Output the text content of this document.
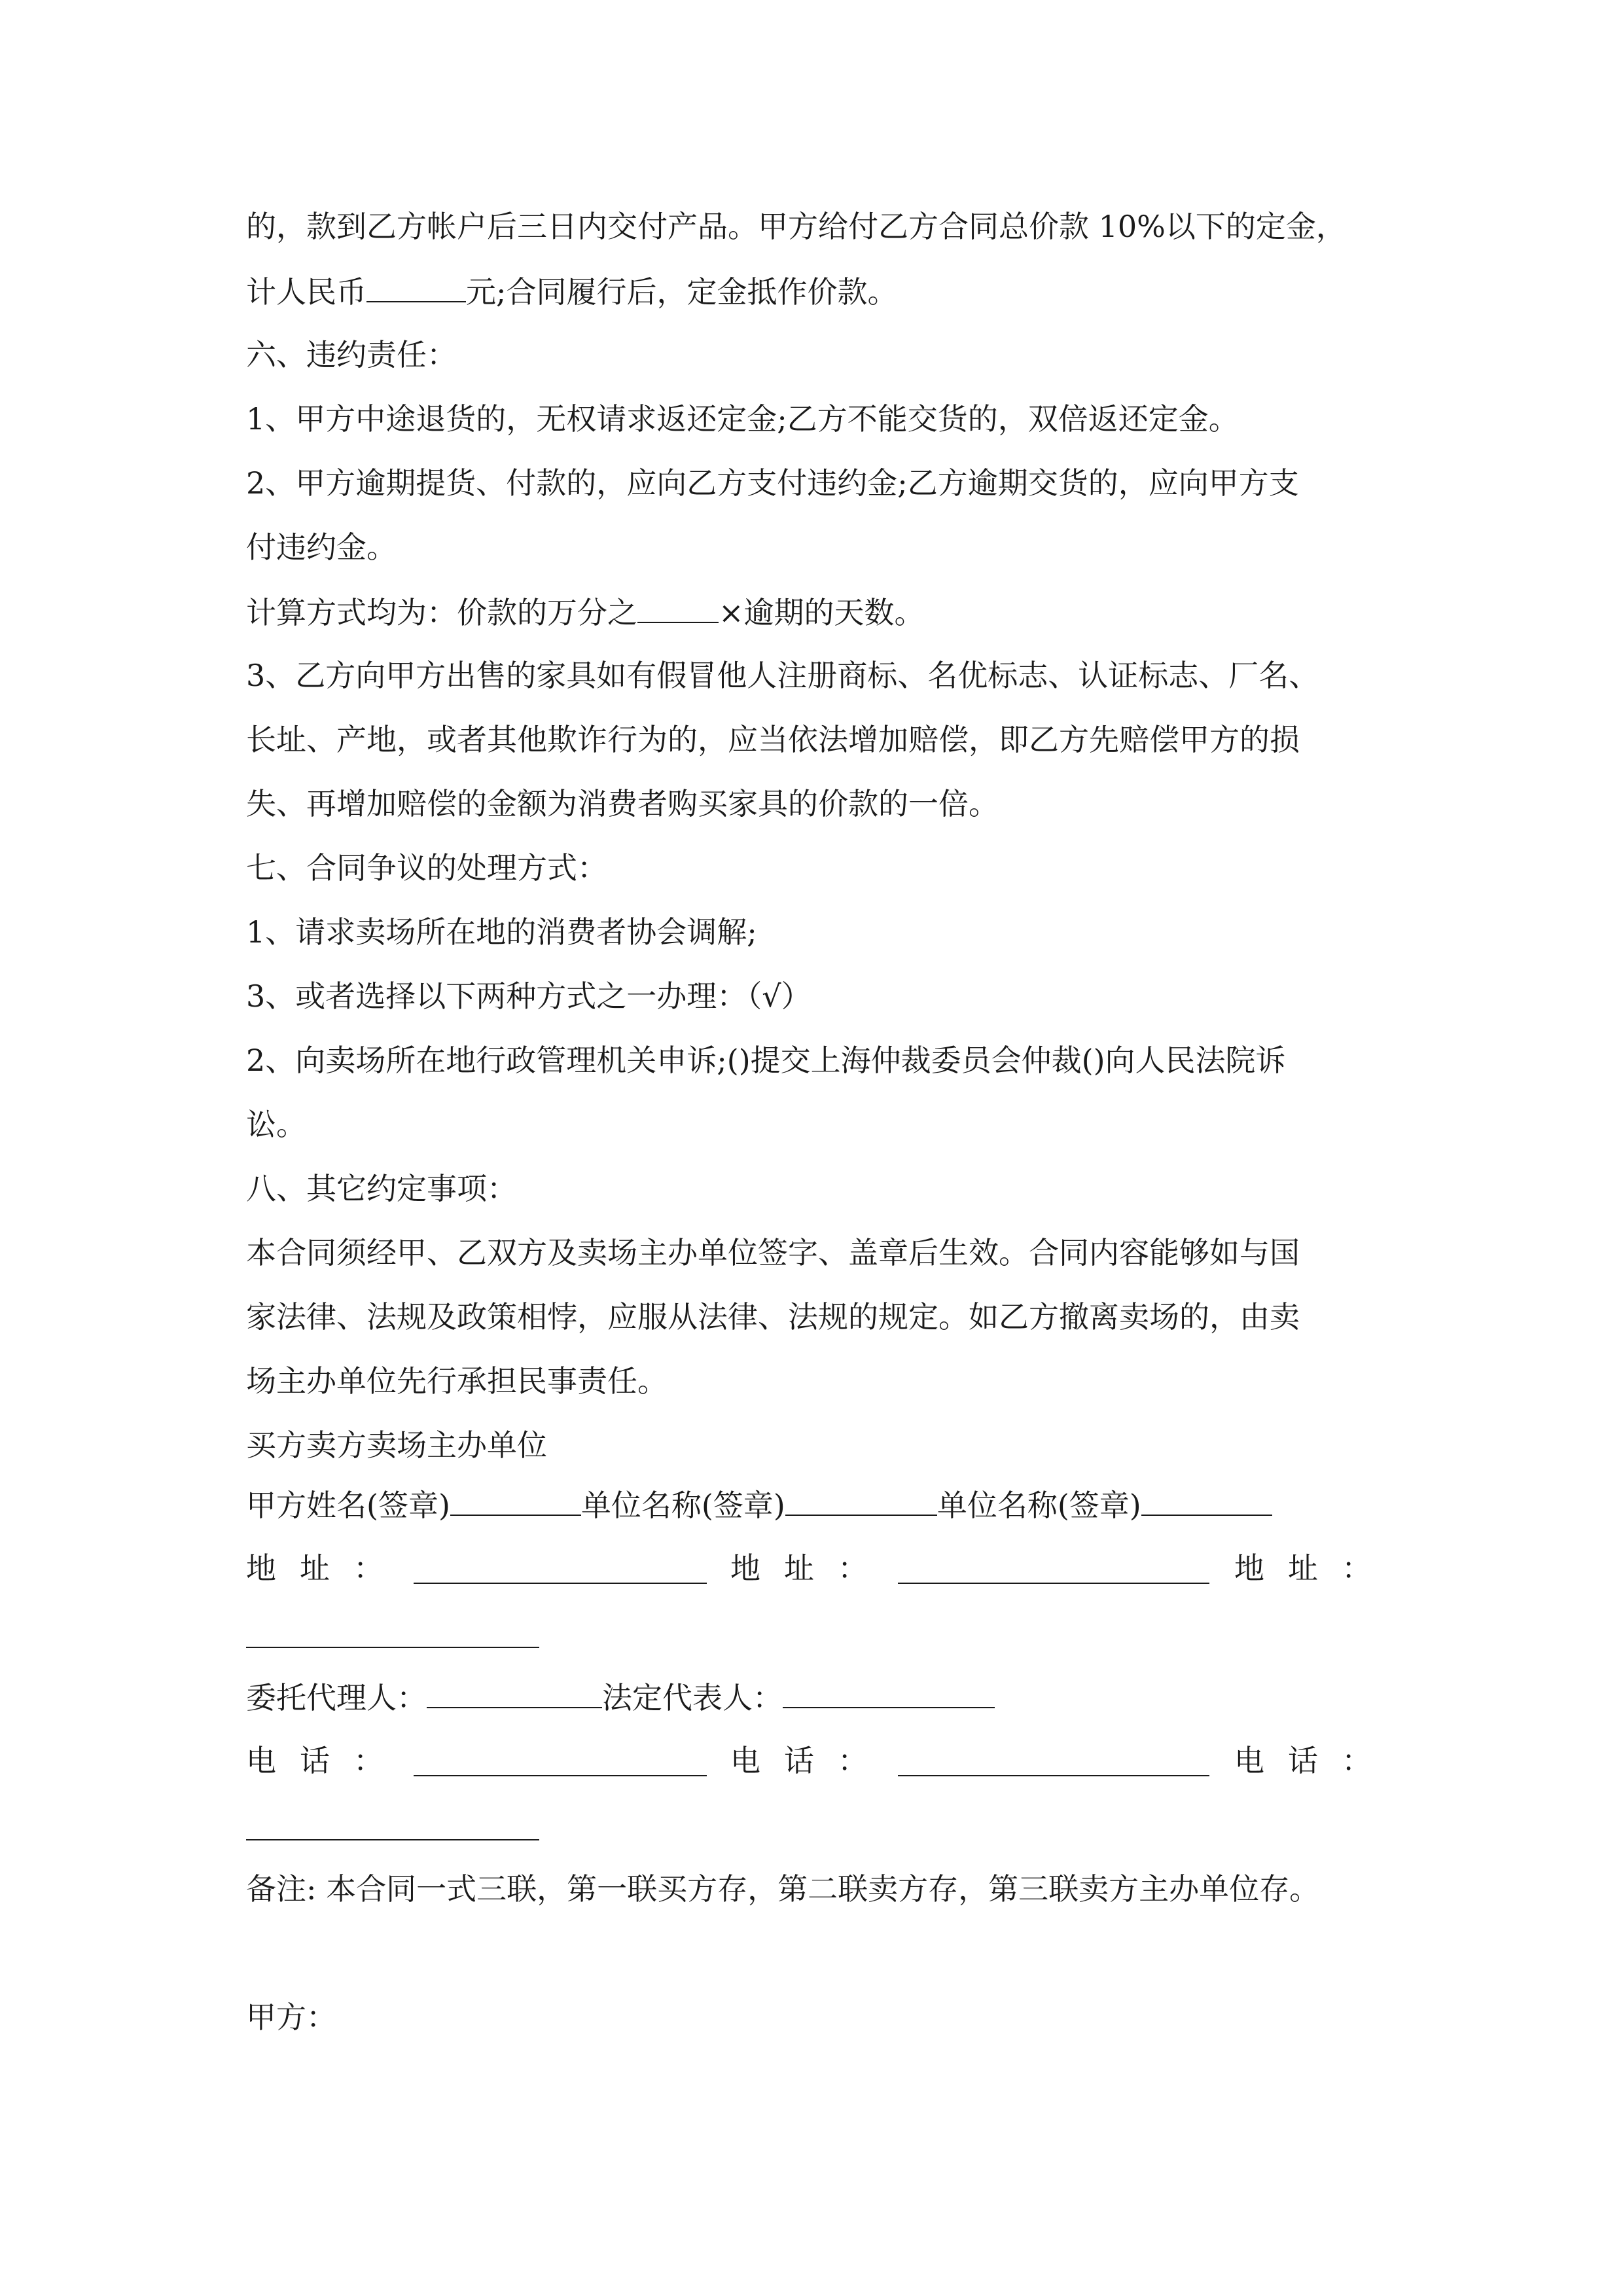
的，款到乙方帐户后三日内交付产品。甲方给付乙方合同总价款 10%以下的定金，

计人民币	元;合同履行后，定金抵作价款。

六、违约责任：

1、甲方中途退货的，无权请求返还定金;乙方不能交货的，双倍返还定金。

2、甲方逾期提货、付款的，应向乙方支付违约金;乙方逾期交货的，应向甲方支

付违约金。

计算方式均为：价款的万分之	×逾期的天数。

3、乙方向甲方出售的家具如有假冒他人注册商标、名优标志、认证标志、厂名、

长址、产地，或者其他欺诈行为的，应当依法增加赔偿，即乙方先赔偿甲方的损

失、再增加赔偿的金额为消费者购买家具的价款的一倍。

七、合同争议的处理方式：

1、请求卖场所在地的消费者协会调解;

3、或者选择以下两种方式之一办理：（√）

2、向卖场所在地行政管理机关申诉;()提交上海仲裁委员会仲裁()向人民法院诉

讼。

八、其它约定事项：

本合同须经甲、乙双方及卖场主办单位签字、盖章后生效。合同内容能够如与国

家法律、法规及政策相悖，应服从法律、法规的规定。如乙方撤离卖场的，由卖

场主办单位先行承担民事责任。

买方卖方卖场主办单位

甲方姓名(签章)	单位名称(签章)	单位名称(签章)

地 址 ：	地 址 ：	地 址 ：

委托代理人：	法定代表人：

电 话 ：	电 话 ：	电 话 ：

备注: 本合同一式三联，第一联买方存，第二联卖方存，第三联卖方主办单位存。

甲方：
